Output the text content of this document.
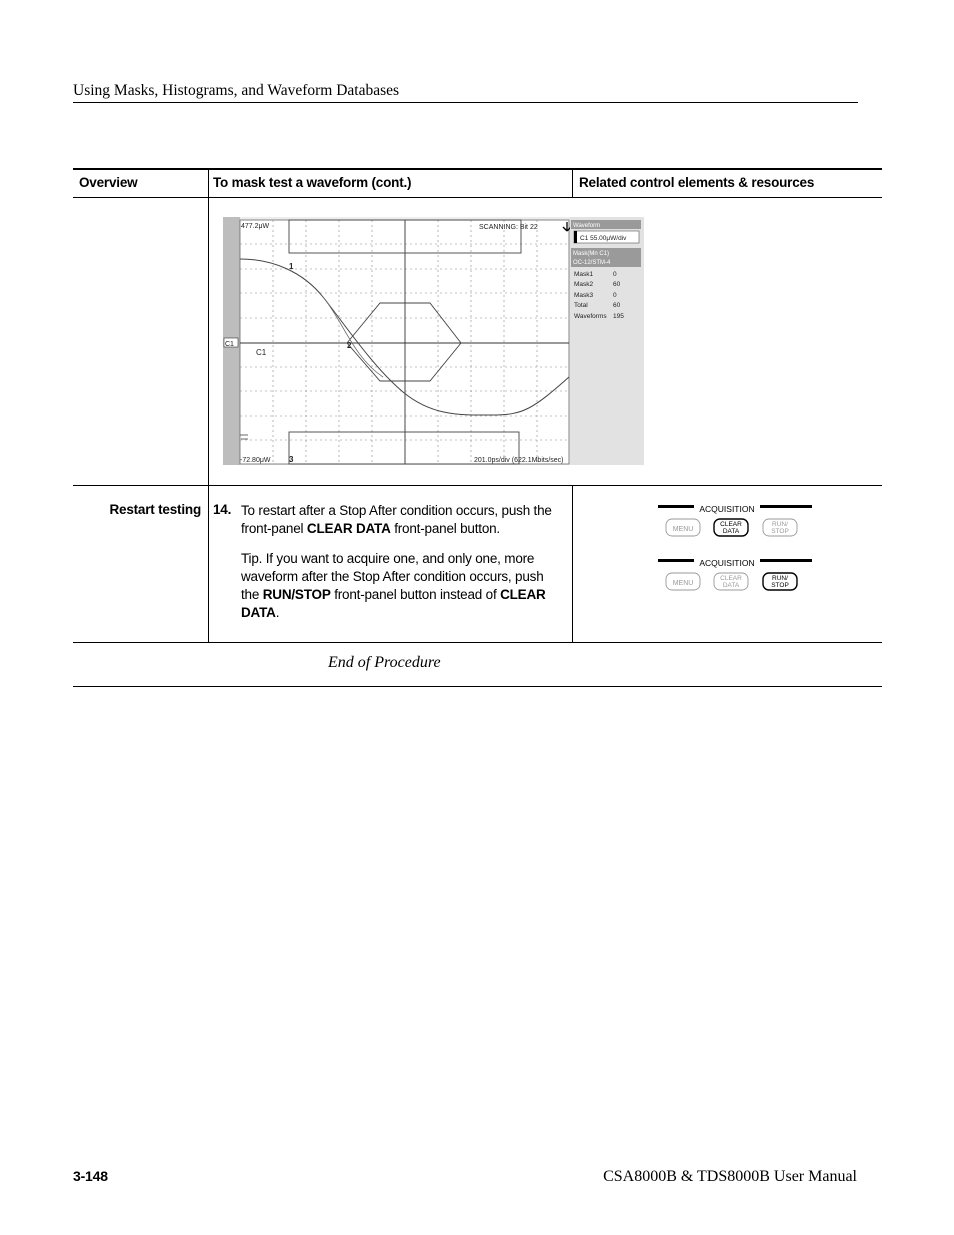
Using Masks, Histograms, and Waveform Databases
Overview	To mask test a waveform (cont.)	Related control elements & resources
477.2μW
-72.80μW
SCANNING: Bit 22
201.0ps/div (622.1Mbits/sec)
C1
C1
1
2
3
Waveform
C1 55.00μW/div
Mask(Mn C1)
OC-12/STM-4
Mask1	0
Mask2	60
Mask3	0
Total	60
Waveforms 195
Restart testing 14. To restart after a Stop After condition occurs, push the front-panel CLEAR DATA front-panel button.
Tip. If you want to acquire one, and only one, more waveform after the Stop After condition occurs, push the RUN/STOP front-panel button instead of CLEAR DATA.
ACQUISITION
MENU
CLEAR
DATA
RUN/
STOP
ACQUISITION
MENU
CLEAR
DATA
RUN/
STOP
End of Procedure
3-148	CSA8000B & TDS8000B User Manual
